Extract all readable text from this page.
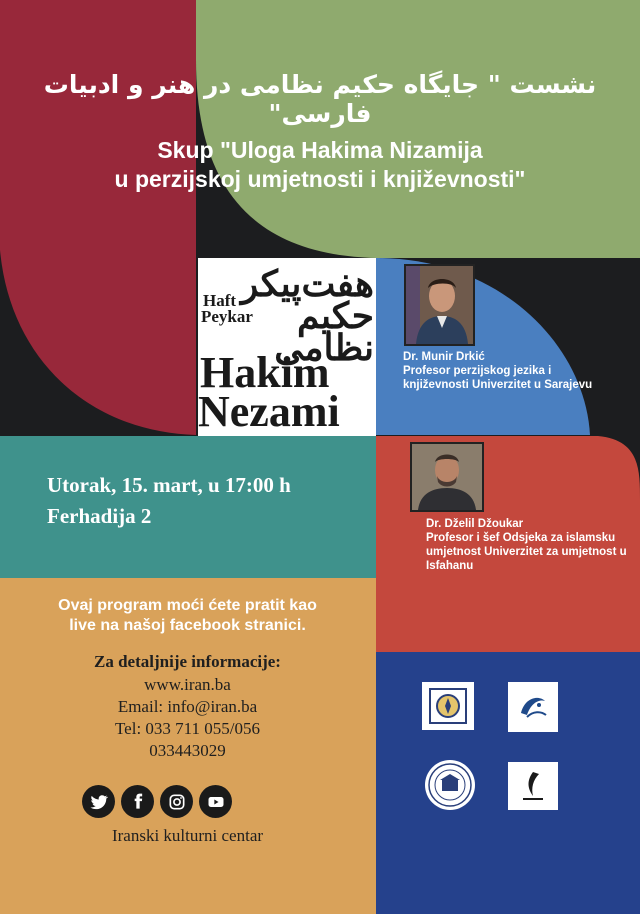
نشست " جایگاه حکیم نظامی در هنر و ادبیات فارسی"
Skup "Uloga Hakima Nizamija
u perzijskoj umjetnosti i književnosti"
هفت‌پیکر حکیم نظامی
Haft
Peykar
Hakim
Nezami
Dr. Munir Drkić
Profesor perzijskog jezika i književnosti Univerzitet u Sarajevu
Dr. Dželil Džoukar
Profesor i šef Odsjeka za islamsku umjetnost Univerzitet za umjetnost u Isfahanu
Utorak, 15. mart, u 17:00 h
Ferhadija 2
Ovaj program moći ćete pratit kao
live na našoj facebook stranici.
Za detaljnije informacije:
www.iran.ba
Email: info@iran.ba
Tel: 033 711 055/056
033443029
Iranski kulturni centar
